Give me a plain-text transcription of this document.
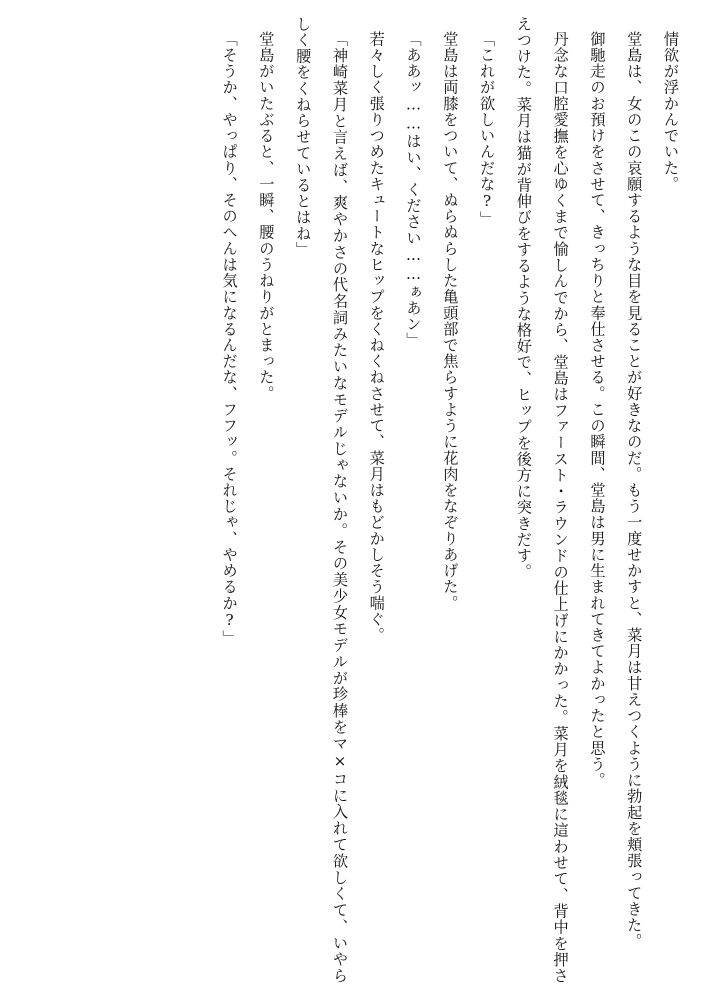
情欲が浮かんでいた。

堂島は、女のこの哀願するような目を見ることが好きなのだ。もう一度せかすと、菜月は甘えつくように勃起を頬張ってきた。

御馳走のお預けをさせて、きっちりと奉仕させる。この瞬間、堂島は男に生まれてきてよかったと思う。

丹念な口腔愛撫を心ゆくまで愉しんでから、堂島はファースト・ラウンドの仕上げにかかった。菜月を絨毯に這わせて、背中を押さえつけた。菜月は猫が背伸びをするような格好で、ヒップを後方に突きだす。

「これが欲しいんだな?」

堂島は両膝をついて、ぬらぬらした亀頭部で焦らすように花肉をなぞりあげた。

「ああッ……はい、ください……ぁあン」

若々しく張りつめたキュートなヒップをくねくねさせて、菜月はもどかしそう喘ぐ。

「神崎菜月と言えば、爽やかさの代名詞みたいなモデルじゃないか。その美少女モデルが珍棒をマ×コに入れて欲しくて、いやらしく腰をくねらせているとはね」

堂島がいたぶると、一瞬、腰のうねりがとまった。

「そうか、やっぱり、そのへんは気になるんだな、フフッ。それじゃ、やめるか?」
